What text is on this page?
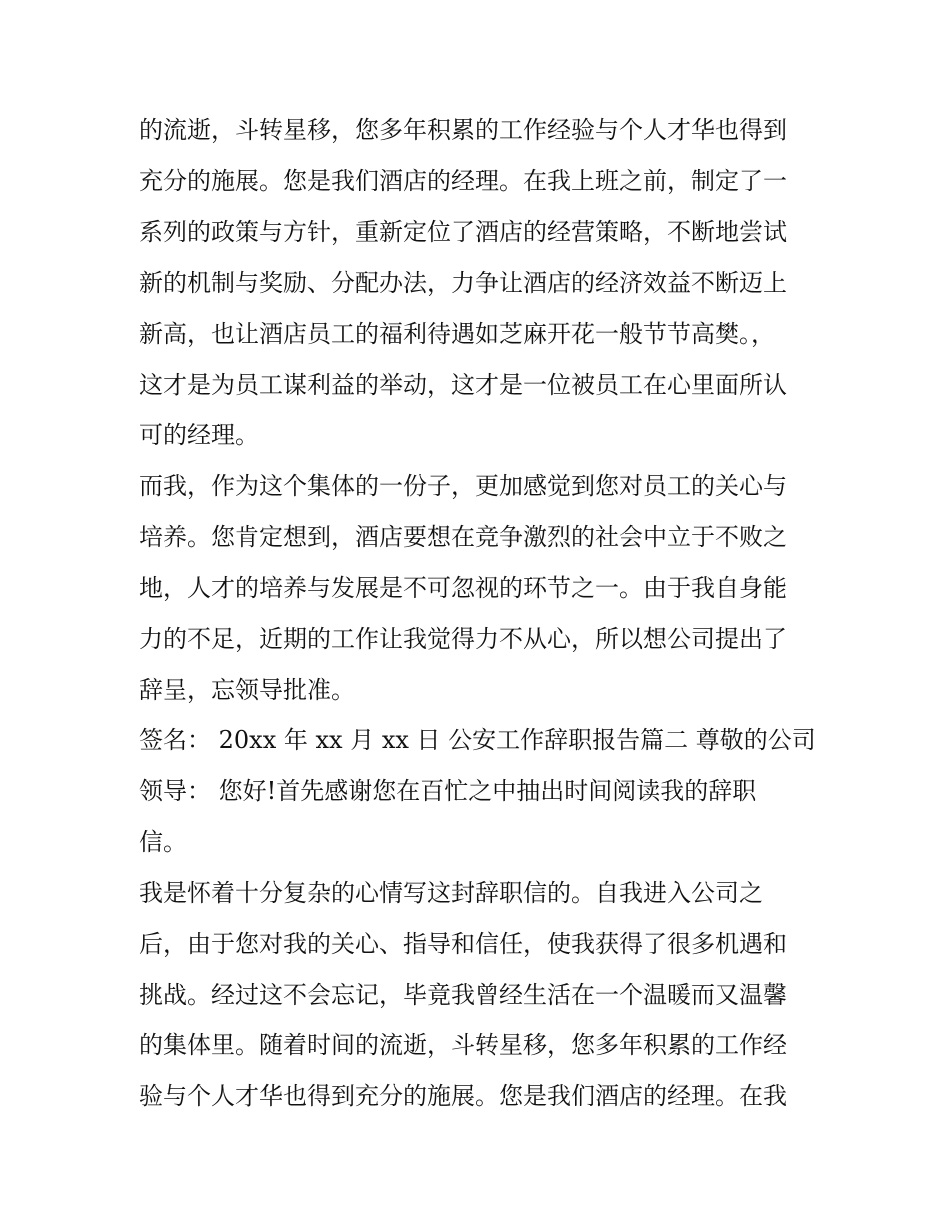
的流逝，斗转星移，您多年积累的工作经验与个人才华也得到
充分的施展。您是我们酒店的经理。在我上班之前，制定了一
系列的政策与方针，重新定位了酒店的经营策略，不断地尝试
新的机制与奖励、分配办法，力争让酒店的经济效益不断迈上
新高，也让酒店员工的福利待遇如芝麻开花一般节节高樊。，
这才是为员工谋利益的举动，这才是一位被员工在心里面所认
可的经理。
而我，作为这个集体的一份子，更加感觉到您对员工的关心与
培养。您肯定想到，酒店要想在竞争激烈的社会中立于不败之
地，人才的培养与发展是不可忽视的环节之一。由于我自身能
力的不足，近期的工作让我觉得力不从心，所以想公司提出了
辞呈，忘领导批准。
签名： 20xx 年 xx 月 xx 日 公安工作辞职报告篇二 尊敬的公司
领导： 您好!首先感谢您在百忙之中抽出时间阅读我的辞职
信。
我是怀着十分复杂的心情写这封辞职信的。自我进入公司之
后，由于您对我的关心、指导和信任，使我获得了很多机遇和
挑战。经过这不会忘记，毕竟我曾经生活在一个温暖而又温馨
的集体里。随着时间的流逝，斗转星移，您多年积累的工作经
验与个人才华也得到充分的施展。您是我们酒店的经理。在我
